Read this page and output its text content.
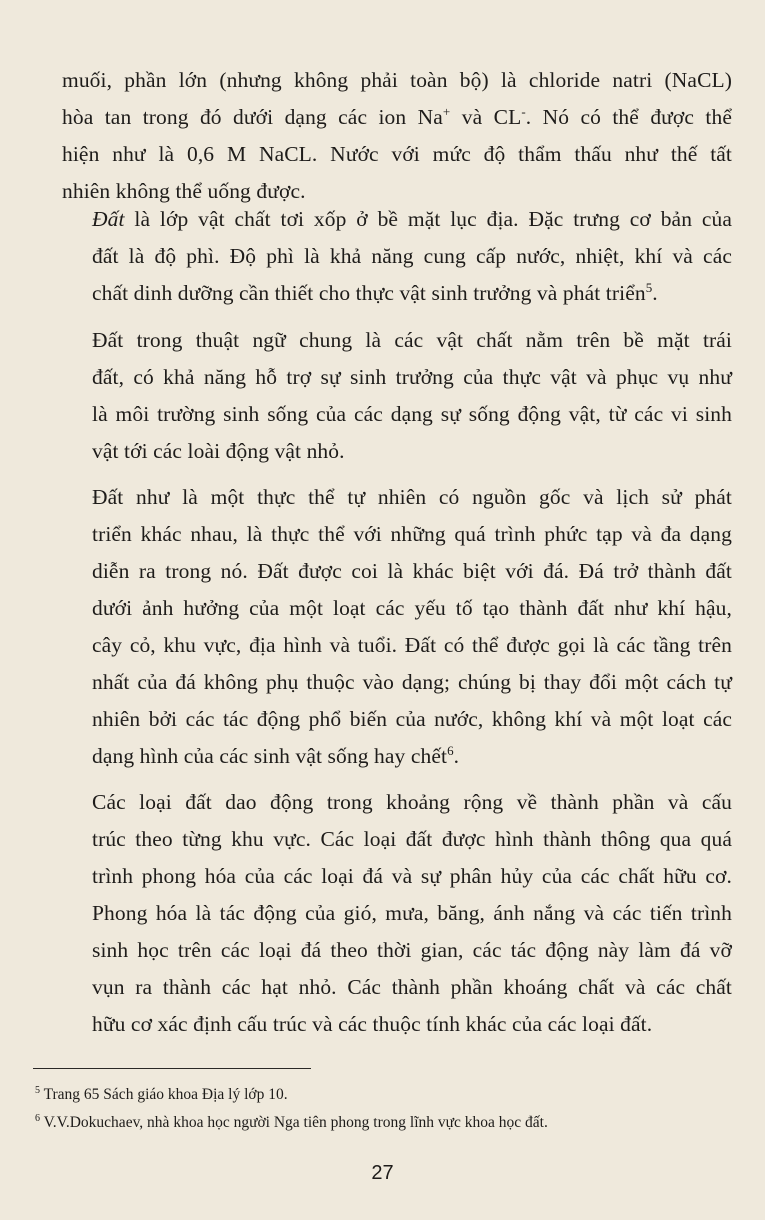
muối, phần lớn (nhưng không phải toàn bộ) là chloride natri (NaCL)
hòa tan trong đó dưới dạng các ion Na+ và CL-. Nó có thể được thể
hiện như là 0,6 M NaCL. Nước với mức độ thẩm thấu như thế tất
nhiên không thể uống được.
Đất là lớp vật chất tơi xốp ở bề mặt lục địa. Đặc trưng cơ bản của
đất là độ phì. Độ phì là khả năng cung cấp nước, nhiệt, khí và các
chất dinh dưỡng cần thiết cho thực vật sinh trưởng và phát triển$^5$.
Đất trong thuật ngữ chung là các vật chất nằm trên bề mặt trái
đất, có khả năng hỗ trợ sự sinh trưởng của thực vật và phục vụ như
là môi trường sinh sống của các dạng sự sống động vật, từ các vi sinh
vật tới các loài động vật nhỏ.
Đất như là một thực thể tự nhiên có nguồn gốc và lịch sử phát
triển khác nhau, là thực thể với những quá trình phức tạp và đa dạng
diễn ra trong nó. Đất được coi là khác biệt với đá. Đá trở thành đất
dưới ảnh hưởng của một loạt các yếu tố tạo thành đất như khí hậu,
cây cỏ, khu vực, địa hình và tuổi. Đất có thể được gọi là các tầng trên
nhất của đá không phụ thuộc vào dạng; chúng bị thay đổi một cách tự
nhiên bởi các tác động phổ biến của nước, không khí và một loạt các
dạng hình của các sinh vật sống hay chết$^6$.
Các loại đất dao động trong khoảng rộng về thành phần và cấu
trúc theo từng khu vực. Các loại đất được hình thành thông qua quá
trình phong hóa của các loại đá và sự phân hủy của các chất hữu cơ.
Phong hóa là tác động của gió, mưa, băng, ánh nắng và các tiến trình
sinh học trên các loại đá theo thời gian, các tác động này làm đá vỡ
vụn ra thành các hạt nhỏ. Các thành phần khoáng chất và các chất
hữu cơ xác định cấu trúc và các thuộc tính khác của các loại đất.
$^5$ Trang 65 Sách giáo khoa Địa lý lớp 10.
$^6$ V.V.Dokuchaev, nhà khoa học người Nga tiên phong trong lĩnh vực khoa học đất.
27
